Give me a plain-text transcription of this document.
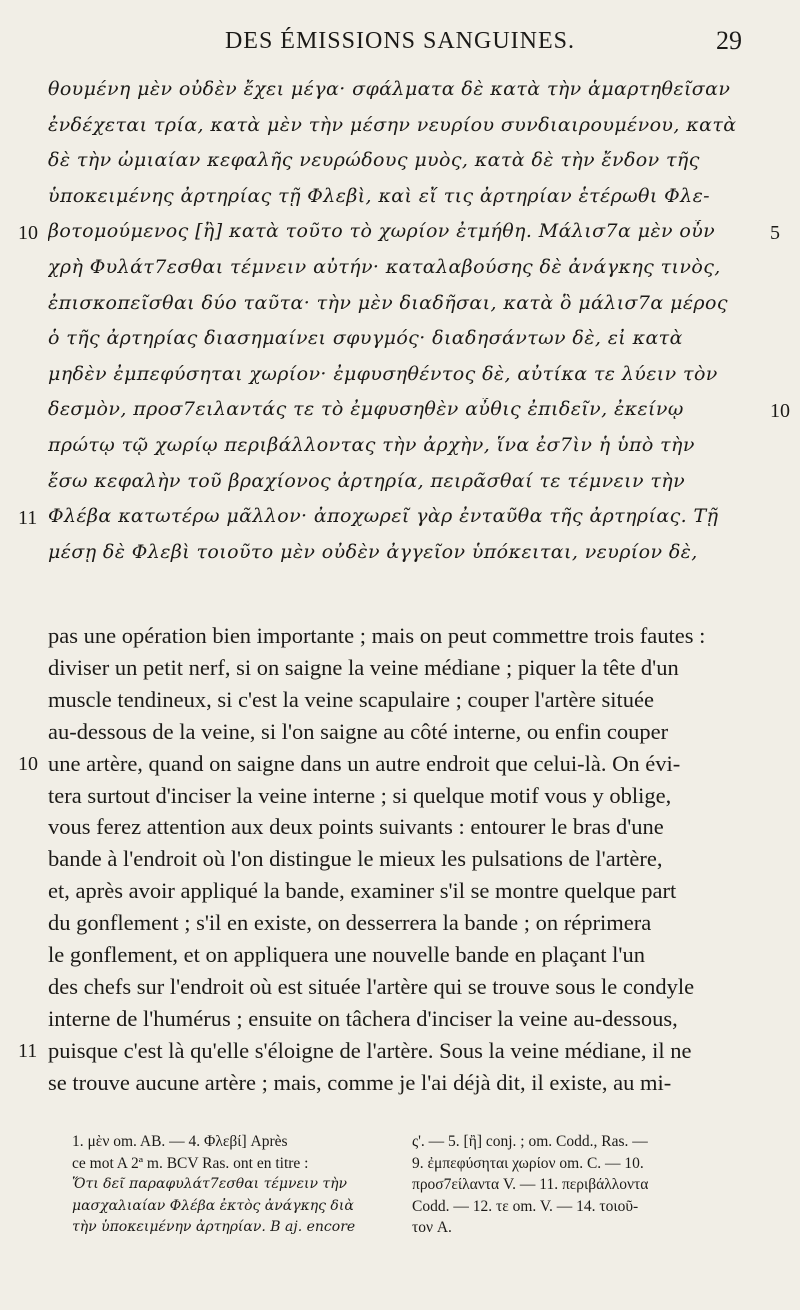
DES ÉMISSIONS SANGUINES.	29
θουμένη μὲν οὐδὲν ἔχει μέγα· σφάλματα δὲ κατὰ τὴν ἁμαρτηθεῖσαν
ἐνδέχεται τρία, κατὰ μὲν τὴν μέσην νευρίου συνδιαιρουμένου, κατὰ
δὲ τὴν ὠμιαίαν κεφαλῆς νευρώδους μυὸς, κατὰ δὲ τὴν ἔνδον τῆς
ὑποκειμένης ἀρτηρίας τῇ Φλεβὶ, καὶ εἴ τις ἀρτηρίαν ἑτέρωθι Φλε-
βοτομούμενος [ἢ] κατὰ τοῦτο τὸ χωρίον ἐτμήθη. Μάλισ7α μὲν οὖν
χρὴ Φυλάτ7εσθαι τέμνειν αὐτήν· καταλαβούσης δὲ ἀνάγκης τινὸς,
ἐπισκοπεῖσθαι δύο ταῦτα· τὴν μὲν διαδῆσαι, κατὰ ὃ μάλισ7α μέρος
ὁ τῆς ἀρτηρίας διασημαίνει σφυγμός· διαδησάντων δὲ, εἰ κατὰ
μηδὲν ἐμπεφύσηται χωρίον· ἐμφυσηθέντος δὲ, αὐτίκα τε λύειν τὸν
δεσμὸν, προσ7ειλαντάς τε τὸ ἐμφυσηθὲν αὖθις ἐπιδεῖν, ἐκείνῳ
πρώτῳ τῷ χωρίῳ περιβάλλοντας τὴν ἀρχὴν, ἵνα ἐσ7ὶν ἡ ὑπὸ τὴν
ἔσω κεφαλὴν τοῦ βραχίονος ἀρτηρία, πειρᾶσθαί τε τέμνειν τὴν
Φλέβα κατωτέρω μᾶλλον· ἀποχωρεῖ γὰρ ἐνταῦθα τῆς ἀρτηρίας. Τῇ
μέσῃ δὲ Φλεβὶ τοιοῦτο μὲν οὐδὲν ἀγγεῖον ὑπόκειται, νευρίον δὲ,
10
11
5
10
pas une opération bien importante ; mais on peut commettre trois fautes :
diviser un petit nerf, si on saigne la veine médiane ; piquer la tête d'un
muscle tendineux, si c'est la veine scapulaire ; couper l'artère située
au-dessous de la veine, si l'on saigne au côté interne, ou enfin couper
une artère, quand on saigne dans un autre endroit que celui-là. On évi-
tera surtout d'inciser la veine interne ; si quelque motif vous y oblige,
vous ferez attention aux deux points suivants : entourer le bras d'une
bande à l'endroit où l'on distingue le mieux les pulsations de l'artère,
et, après avoir appliqué la bande, examiner s'il se montre quelque part
du gonflement ; s'il en existe, on desserrera la bande ; on réprimera
le gonflement, et on appliquera une nouvelle bande en plaçant l'un
des chefs sur l'endroit où est située l'artère qui se trouve sous le condyle
interne de l'humérus ; ensuite on tâchera d'inciser la veine au-dessous,
puisque c'est là qu'elle s'éloigne de l'artère. Sous la veine médiane, il ne
se trouve aucune artère ; mais, comme je l'ai déjà dit, il existe, au mi-
10
11
1. μὲν om. AB. — 4. Φλεβί] Après
ce mot A 2ª m. BCV Ras. ont en titre :
Ὅτι δεῖ παραφυλάτ7εσθαι τέμνειν τὴν
μασχαλιαίαν Φλέβα ἐκτὸς ἀνάγκης διὰ
τὴν ὑποκειμένην ἀρτηρίαν. B aj. encore
ς'. — 5. [ἢ] conj. ; om. Codd., Ras. —
9. ἐμπεφύσηται χωρίον om. C. — 10.
προσ7είλαντα V. — 11. περιβάλλοντα
Codd. — 12. τε om. V. — 14. τοιοῦ-
τον A.
